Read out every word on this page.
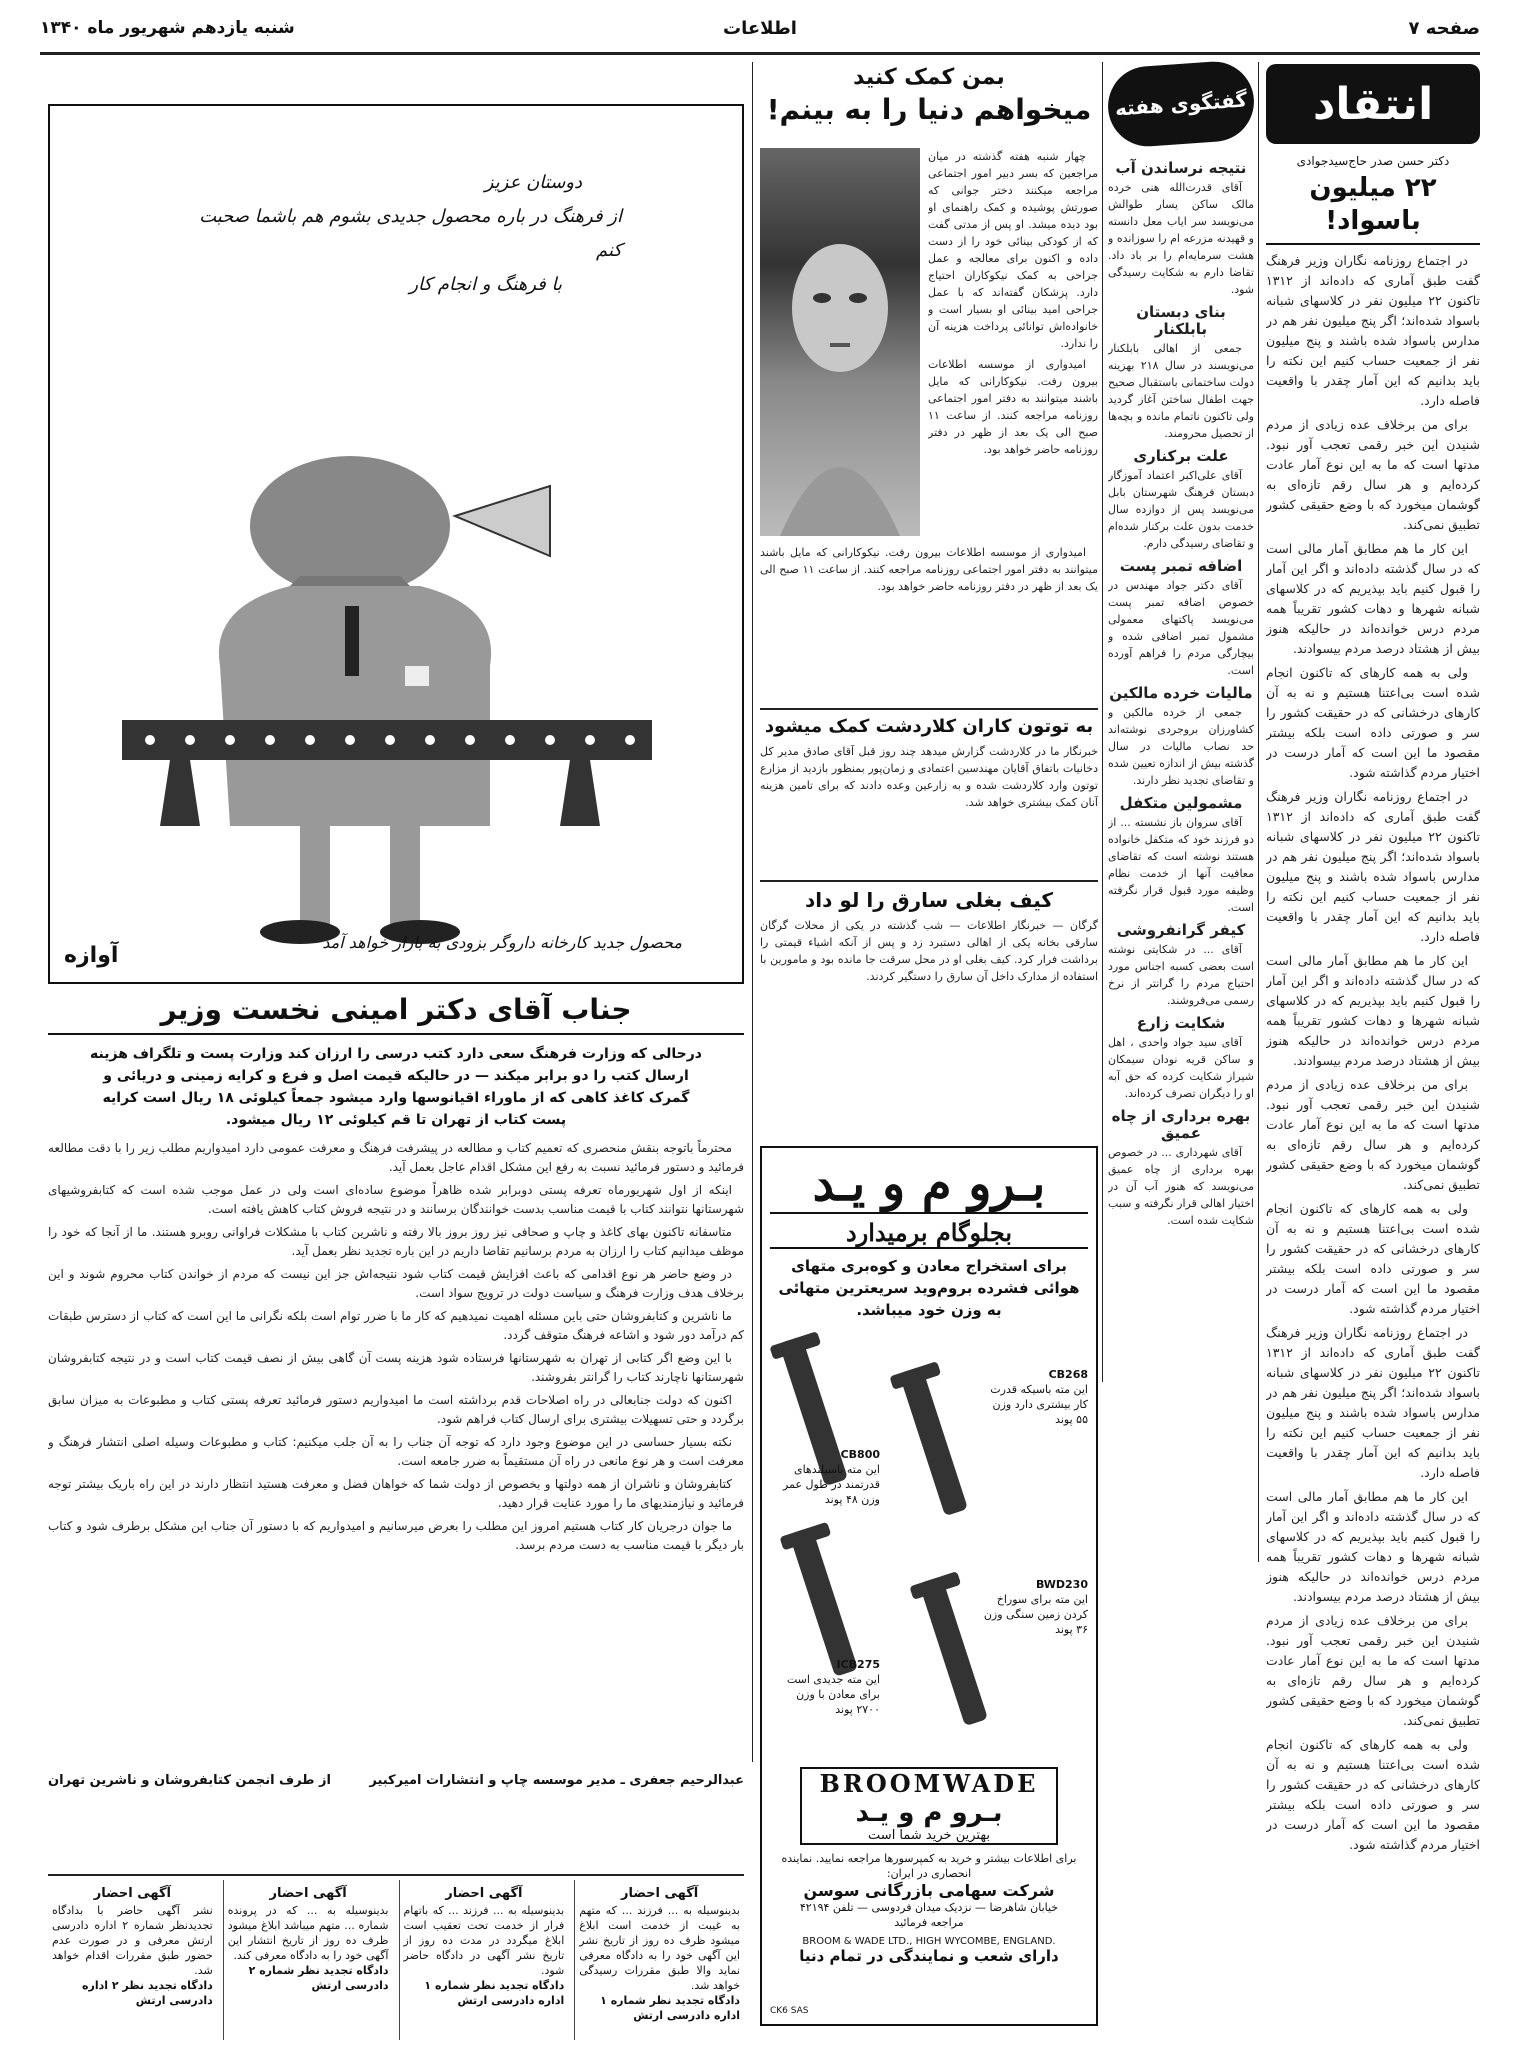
صفحه ۷
اطلاعات
شنبه یازدهم شهریور ماه ۱۳۴۰
انتقاد
دکتر حسن صدر حاج‌سیدجوادی
۲۲ میلیون باسواد!

در اجتماع روزنامه نگاران وزیر فرهنگ گفت طبق آماری که داده‌اند از ۱۳۱۲ تاکنون ۲۲ میلیون نفر در کلاسهای شبانه باسواد شده‌اند؛ اگر پنج میلیون نفر هم در مدارس باسواد شده باشند و پنج میلیون نفر از جمعیت حساب کنیم این نکته را باید بدانیم که این آمار چقدر با واقعیت فاصله دارد.

برای من برخلاف عده زیادی از مردم شنیدن این خبر رقمی تعجب آور نبود. مدتها است که ما به این نوع آمار عادت کرده‌ایم و هر سال رقم تازه‌ای به گوشمان میخورد که با وضع حقیقی کشور تطبیق نمی‌کند.

این کار ما هم مطابق آمار مالی است که در سال گذشته داده‌اند و اگر این آمار را قبول کنیم باید بپذیریم که در کلاسهای شبانه شهرها و دهات کشور تقریباً همه مردم درس خوانده‌اند در حالیکه هنوز بیش از هشتاد درصد مردم بیسوادند.

ولی به همه کارهای که تاکنون انجام شده است بی‌اعتنا هستیم و نه به آن کارهای درخشانی که در حقیقت کشور را سر و صورتی داده است بلکه بیشتر مقصود ما این است که آمار درست در اختیار مردم گذاشته شود.

در اجتماع روزنامه نگاران وزیر فرهنگ گفت طبق آماری که داده‌اند از ۱۳۱۲ تاکنون ۲۲ میلیون نفر در کلاسهای شبانه باسواد شده‌اند؛ اگر پنج میلیون نفر هم در مدارس باسواد شده باشند و پنج میلیون نفر از جمعیت حساب کنیم این نکته را باید بدانیم که این آمار چقدر با واقعیت فاصله دارد.

این کار ما هم مطابق آمار مالی است که در سال گذشته داده‌اند و اگر این آمار را قبول کنیم باید بپذیریم که در کلاسهای شبانه شهرها و دهات کشور تقریباً همه مردم درس خوانده‌اند در حالیکه هنوز بیش از هشتاد درصد مردم بیسوادند.

برای من برخلاف عده زیادی از مردم شنیدن این خبر رقمی تعجب آور نبود. مدتها است که ما به این نوع آمار عادت کرده‌ایم و هر سال رقم تازه‌ای به گوشمان میخورد که با وضع حقیقی کشور تطبیق نمی‌کند.

ولی به همه کارهای که تاکنون انجام شده است بی‌اعتنا هستیم و نه به آن کارهای درخشانی که در حقیقت کشور را سر و صورتی داده است بلکه بیشتر مقصود ما این است که آمار درست در اختیار مردم گذاشته شود.

در اجتماع روزنامه نگاران وزیر فرهنگ گفت طبق آماری که داده‌اند از ۱۳۱۲ تاکنون ۲۲ میلیون نفر در کلاسهای شبانه باسواد شده‌اند؛ اگر پنج میلیون نفر هم در مدارس باسواد شده باشند و پنج میلیون نفر از جمعیت حساب کنیم این نکته را باید بدانیم که این آمار چقدر با واقعیت فاصله دارد.

این کار ما هم مطابق آمار مالی است که در سال گذشته داده‌اند و اگر این آمار را قبول کنیم باید بپذیریم که در کلاسهای شبانه شهرها و دهات کشور تقریباً همه مردم درس خوانده‌اند در حالیکه هنوز بیش از هشتاد درصد مردم بیسوادند.

برای من برخلاف عده زیادی از مردم شنیدن این خبر رقمی تعجب آور نبود. مدتها است که ما به این نوع آمار عادت کرده‌ایم و هر سال رقم تازه‌ای به گوشمان میخورد که با وضع حقیقی کشور تطبیق نمی‌کند.

ولی به همه کارهای که تاکنون انجام شده است بی‌اعتنا هستیم و نه به آن کارهای درخشانی که در حقیقت کشور را سر و صورتی داده است بلکه بیشتر مقصود ما این است که آمار درست در اختیار مردم گذاشته شود.

گفتگوی هفته
نتیجه نرساندن آب

آقای قدرت‌الله هنی خرده مالک ساکن یسار طوالش می‌نویسد سر ایاب معل دانسته و قهیدنه مزرعه ام را سوزانده و هشت سرمایه‌ام را بر باد داد. تقاضا دارم به شکایت رسیدگی شود.

بنای دبستان بابلکنار

جمعی از اهالی بابلکنار می‌نویسند در سال ۲۱۸ بهزینه دولت ساختمانی باستقبال صحیح جهت اطفال ساختن آغاز گردید ولی تاکنون ناتمام مانده و بچه‌ها از تحصیل محرومند.

علت برکناری

آقای علی‌اکبر اعتماد آموزگار دبستان فرهنگ شهرستان بابل می‌نویسد پس از دوازده سال خدمت بدون علت برکنار شده‌ام و تقاضای رسیدگی دارم.

اضافه تمبر پست

آقای دکتر جواد مهندس در خصوص اضافه تمبر پست می‌نویسد پاکتهای معمولی مشمول تمبر اضافی شده و بیچارگی مردم را فراهم آورده است.

مالیات خرده مالکین

جمعی از خرده مالکین و کشاورزان بروجردی نوشته‌اند حد نصاب مالیات در سال گذشته بیش از اندازه تعیین شده و تقاضای تجدید نظر دارند.

مشمولین متکفل

آقای سروان باز نشسته ... از دو فرزند خود که متکفل خانواده هستند نوشته است که تقاضای معافیت آنها از خدمت نظام وظیفه مورد قبول قرار نگرفته است.

کیفر گرانفروشی

آقای ... در شکایتی نوشته است بعضی کسبه اجناس مورد احتیاج مردم را گرانتر از نرخ رسمی می‌فروشند.

شکایت زارع

آقای سید جواد واحدی ، اهل و ساکن قریه نودان سیمکان شیراز شکایت کرده که حق آبه او را دیگران تصرف کرده‌اند.

بهره برداری از چاه عمیق

آقای شهرداری ... در خصوص بهره برداری از چاه عمیق می‌نویسد که هنوز آب آن در اختیار اهالی قرار نگرفته و سبب شکایت شده است.

بمن کمک کنید
میخواهم دنیا را به بینم!

چهار شنبه هفته گذشته در میان مراجعین که بسر دبیر امور اجتماعی مراجعه میکنند دختر جوانی که صورتش پوشیده و کمک راهنمای او بود دیده میشد. او پس از مدتی گفت که از کودکی بینائی خود را از دست داده و اکنون برای معالجه و عمل جراحی به کمک نیکوکاران احتیاج دارد. پزشکان گفته‌اند که با عمل جراحی امید بینائی او بسیار است و خانواده‌اش توانائی پرداخت هزینه آن را ندارد.

امیدواری از موسسه اطلاعات بیرون رفت. نیکوکارانی که مایل باشند میتوانند به دفتر امور اجتماعی روزنامه مراجعه کنند. از ساعت ۱۱ صبح الی یک بعد از ظهر در دفتر روزنامه حاضر خواهد بود.

امیدواری از موسسه اطلاعات بیرون رفت. نیکوکارانی که مایل باشند میتوانند به دفتر امور اجتماعی روزنامه مراجعه کنند. از ساعت ۱۱ صبح الی یک بعد از ظهر در دفتر روزنامه حاضر خواهد بود.

به توتون کاران کلاردشت کمک میشود
خبرنگار ما در کلاردشت گزارش میدهد چند روز قبل آقای صادق مدیر کل دخانیات باتفاق آقایان مهندسین اعتمادی و زمان‌پور بمنظور بازدید از مزارع توتون وارد کلاردشت شده و به زارعین وعده دادند که برای تامین هزینه آنان کمک بیشتری خواهد شد.
کیف بغلی سارق را لو داد
گرگان — خبرنگار اطلاعات — شب گذشته در یکی از محلات گرگان سارقی بخانه یکی از اهالی دستبرد زد و پس از آنکه اشیاء قیمتی را برداشت فرار کرد. کیف بغلی او در محل سرقت جا مانده بود و مامورین با استفاده از مدارک داخل آن سارق را دستگیر کردند.
بـرو م و یـد
بجلوگام برمیدارد
برای استخراج معادن و کوه‌بری متهای هوائی فشرده بروم‌وید سریعترین متهائی به وزن خود میباشد.
CB268
این مته باسیکه قدرت کار بیشتری دارد وزن ۵۵ پوند
CB800
این مته باسیلندهای قدرتمند در طول عمر وزن ۴۸ پوند
BWD230
این مته برای سوراخ کردن زمین سنگی وزن ۳۶ پوند
ICB275
این مته جدیدی است برای معادن با وزن ۲۷۰۰ پوند
BROOMWADE
بـرو م و یـد
بهترین خرید شما است
برای اطلاعات بیشتر و خرید به کمپرسورها مراجعه نمایید. نماینده انحصاری در ایران:
شرکت سهامی بازرگانی سوسن
خیابان شاهرضا — نزدیک میدان فردوسی — تلفن ۴۲۱۹۴
مراجعه فرمائید
BROOM & WADE LTD., HIGH WYCOMBE, ENGLAND.
دارای شعب و نمایندگی در تمام دنیا
CK6 SAS
دوستان عزیز
از فرهنگ در باره محصول جدیدی بشوم هم باشما صحبت کنم
با فرهنگ و انجام کار
محصول جدید کارخانه داروگر بزودی به بازار خواهد آمد
آوازه
جناب آقای دکتر امینی نخست وزیر
درحالی که وزارت فرهنگ سعی دارد کتب درسی را ارزان کند وزارت پست و تلگراف هزینه ارسال کتب را دو برابر میکند — در حالیکه قیمت اصل و فرع و کرایه زمینی و دریائی و گمرک کاغذ کاهی که از ماوراء اقیانوسها وارد میشود جمعاً کیلوئی ۱۸ ریال است کرایه پست کتاب از تهران تا قم کیلوئی ۱۲ ریال میشود.

محترماً باتوجه بنقش منحصری که تعمیم کتاب و مطالعه در پیشرفت فرهنگ و معرفت عمومی دارد امیدواریم مطلب زیر را با دقت مطالعه فرمائید و دستور فرمائید نسبت به رفع این مشکل اقدام عاجل بعمل آید.

اینکه از اول شهریورماه تعرفه پستی دوبرابر شده ظاهراً موضوع ساده‌ای است ولی در عمل موجب شده است که کتابفروشیهای شهرستانها نتوانند کتاب با قیمت مناسب بدست خوانندگان برسانند و در نتیجه فروش کتاب کاهش یافته است.

متاسفانه تاکنون بهای کاغذ و چاپ و صحافی نیز روز بروز بالا رفته و ناشرین کتاب با مشکلات فراوانی روبرو هستند. ما از آنجا که خود را موظف میدانیم کتاب را ارزان به مردم برسانیم تقاضا داریم در این باره تجدید نظر بعمل آید.

در وضع حاضر هر نوع اقدامی که باعث افزایش قیمت کتاب شود نتیجه‌اش جز این نیست که مردم از خواندن کتاب محروم شوند و این برخلاف هدف وزارت فرهنگ و سیاست دولت در ترویج سواد است.

ما ناشرین و کتابفروشان حتی باین مسئله اهمیت نمیدهیم که کار ما با ضرر توام است بلکه نگرانی ما این است که کتاب از دسترس طبقات کم درآمد دور شود و اشاعه فرهنگ متوقف گردد.

با این وضع اگر کتابی از تهران به شهرستانها فرستاده شود هزینه پست آن گاهی بیش از نصف قیمت کتاب است و در نتیجه کتابفروشان شهرستانها ناچارند کتاب را گرانتر بفروشند.

اکنون که دولت جنابعالی در راه اصلاحات قدم برداشته است ما امیدواریم دستور فرمائید تعرفه پستی کتاب و مطبوعات به میزان سابق برگردد و حتی تسهیلات بیشتری برای ارسال کتاب فراهم شود.

نکته بسیار حساسی در این موضوع وجود دارد که توجه آن جناب را به آن جلب میکنیم: کتاب و مطبوعات وسیله اصلی انتشار فرهنگ و معرفت است و هر نوع مانعی در راه آن مستقیماً به ضرر جامعه است.

کتابفروشان و ناشران از همه دولتها و بخصوص از دولت شما که خواهان فضل و معرفت هستید انتظار دارند در این راه باریک بیشتر توجه فرمائید و نیازمندیهای ما را مورد عنایت قرار دهید.

ما جوان درجریان کار کتاب هستیم امروز این مطلب را بعرض میرسانیم و امیدواریم که با دستور آن جناب این مشکل برطرف شود و کتاب بار دیگر با قیمت مناسب به دست مردم برسد.

عبدالرحیم جعفری ـ مدیر موسسه چاپ و انتشارات امیرکبیر
از طرف انجمن کتابفروشان و ناشرین تهران
آگهی احضار
بدینوسیله به ... فرزند ... که متهم به غیبت از خدمت است ابلاغ میشود ظرف ده روز از تاریخ نشر این آگهی خود را به دادگاه معرفی نماید والا طبق مقررات رسیدگی خواهد شد.
دادگاه تجدید نظر شماره ۱ اداره دادرسی ارتش
آگهی احضار
بدینوسیله به ... فرزند ... که باتهام فرار از خدمت تحت تعقیب است ابلاغ میگردد در مدت ده روز از تاریخ نشر آگهی در دادگاه حاضر شود.
دادگاه تجدید نظر شماره ۱ اداره دادرسی ارتش
آگهی احضار
بدینوسیله به ... که در پرونده شماره ... متهم میباشد ابلاغ میشود ظرف ده روز از تاریخ انتشار این آگهی خود را به دادگاه معرفی کند.
دادگاه تجدید نظر شماره ۲ دادرسی ارتش
آگهی احضار
نشر آگهی حاضر با بدادگاه تجدیدنظر شماره ۲ اداره دادرسی ارتش معرفی و در صورت عدم حضور طبق مقررات اقدام خواهد شد.
دادگاه تجدید نظر ۲ اداره دادرسی ارتش
